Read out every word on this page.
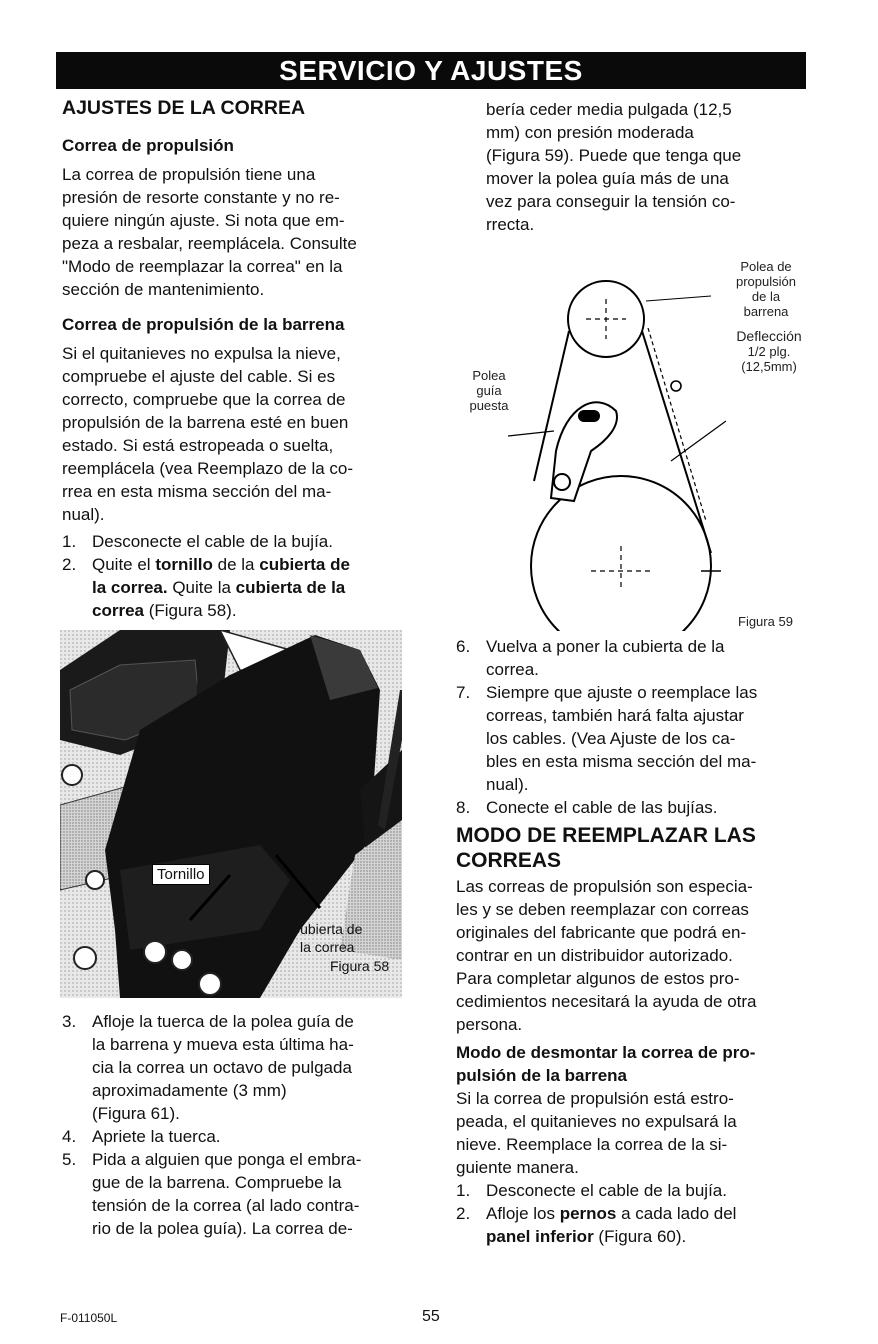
SERVICIO Y AJUSTES
AJUSTES DE LA CORREA
Correa de propulsión

La correa de propulsión tiene una

presión de resorte constante y no re-

quiere ningún ajuste. Si nota que em-

peza a resbalar, reemplácela. Consulte

"Modo de reemplazar la correa" en la

sección de mantenimiento.

Correa de propulsión de la barrena

Si el quitanieves no expulsa la nieve,

compruebe el ajuste del cable. Si es

correcto, compruebe que la correa de

propulsión de la barrena esté en buen

estado. Si está estropeada o suelta,

reemplácela (vea Reemplazo de la co-

rrea en esta misma sección del ma-

nual).

1. Desconecte el cable de la bujía.

2. Quite el tornillo de la cubierta de

la correa. Quite la cubierta de la

correa (Figura 58).

Tornillo
Cubierta de
la correa
Figura 58
3. Afloje la tuerca de la polea guía de

la barrena y mueva esta última ha-

cia la correa un octavo de pulgada

aproximadamente (3 mm)

(Figura 61).

4. Apriete la tuerca.

5. Pida a alguien que ponga el embra-

gue de la barrena. Compruebe la

tensión de la correa (al lado contra-

rio de la polea guía). La correa de-

bería ceder media pulgada (12,5

mm) con presión moderada

(Figura 59). Puede que tenga que

mover la polea guía más de una

vez para conseguir la tensión co-

rrecta.

Polea de
propulsión
de la
barrena
Deflección
1/2 plg.
(12,5mm)
Polea
guía
puesta
Figura 59
6. Vuelva a poner la cubierta de la

correa.

7. Siempre que ajuste o reemplace las

correas, también hará falta ajustar

los cables. (Vea Ajuste de los ca-

bles en esta misma sección del ma-

nual).

8. Conecte el cable de las bujías.

MODO DE REEMPLAZAR LAS
CORREAS

Las correas de propulsión son especia-

les y se deben reemplazar con correas

originales del fabricante que podrá en-

contrar en un distribuidor autorizado.

Para completar algunos de estos pro-

cedimientos necesitará la ayuda de otra

persona.

Modo de desmontar la correa de pro-
pulsión de la barrena

Si la correa de propulsión está estro-

peada, el quitanieves no expulsará la

nieve. Reemplace la correa de la si-

guiente manera.

1. Desconecte el cable de la bujía.

2. Afloje los pernos a cada lado del

panel inferior (Figura 60).

F-011050L	55
